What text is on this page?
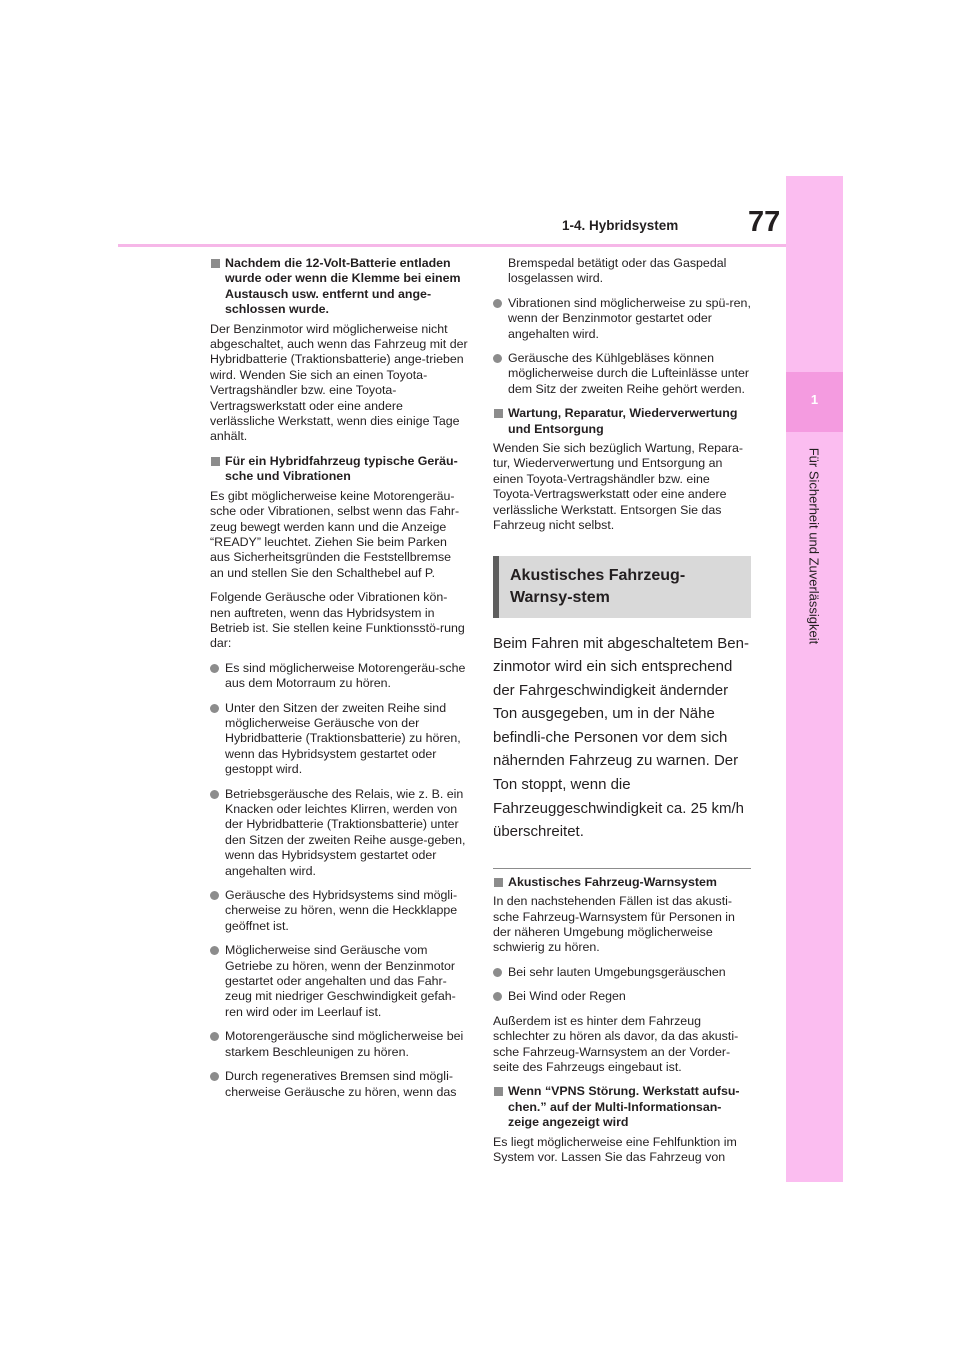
1-4. Hybridsystem 77
1
Für Sicherheit und Zuverlässigkeit
Nachdem die 12-Volt-Batterie entladen wurde oder wenn die Klemme bei einem Austausch usw. entfernt und ange-schlossen wurde.

Der Benzinmotor wird möglicherweise nicht abgeschaltet, auch wenn das Fahrzeug mit der Hybridbatterie (Traktionsbatterie) ange-trieben wird. Wenden Sie sich an einen Toyota-Vertragshändler bzw. eine Toyota-Vertragswerkstatt oder eine andere verlässliche Werkstatt, wenn dies einige Tage anhält.

Für ein Hybridfahrzeug typische Geräu-sche und Vibrationen

Es gibt möglicherweise keine Motorengeräu-sche oder Vibrationen, selbst wenn das Fahr-zeug bewegt werden kann und die Anzeige “READY” leuchtet. Ziehen Sie beim Parken aus Sicherheitsgründen die Feststellbremse an und stellen Sie den Schalthebel auf P.

Folgende Geräusche oder Vibrationen kön-nen auftreten, wenn das Hybridsystem in Betrieb ist. Sie stellen keine Funktionsstö-rung dar:

Es sind möglicherweise Motorengeräu-sche aus dem Motorraum zu hören.
Unter den Sitzen der zweiten Reihe sind möglicherweise Geräusche von der Hybridbatterie (Traktionsbatterie) zu hören, wenn das Hybridsystem gestartet oder gestoppt wird.
Betriebsgeräusche des Relais, wie z. B. ein Knacken oder leichtes Klirren, werden von der Hybridbatterie (Traktionsbatterie) unter den Sitzen der zweiten Reihe ausge-geben, wenn das Hybridsystem gestartet oder angehalten wird.
Geräusche des Hybridsystems sind mögli-cherweise zu hören, wenn die Heckklappe geöffnet ist.
Möglicherweise sind Geräusche vom Getriebe zu hören, wenn der Benzinmotor gestartet oder angehalten und das Fahr-zeug mit niedriger Geschwindigkeit gefah-ren wird oder im Leerlauf ist.
Motorengeräusche sind möglicherweise bei starkem Beschleunigen zu hören.
Durch regeneratives Bremsen sind mögli-cherweise Geräusche zu hören, wenn das

Bremspedal betätigt oder das Gaspedal losgelassen wird.

Vibrationen sind möglicherweise zu spü-ren, wenn der Benzinmotor gestartet oder angehalten wird.
Geräusche des Kühlgebläses können möglicherweise durch die Lufteinlässe unter dem Sitz der zweiten Reihe gehört werden.
Wartung, Reparatur, Wiederverwertung und Entsorgung

Wenden Sie sich bezüglich Wartung, Repara-tur, Wiederverwertung und Entsorgung an einen Toyota-Vertragshändler bzw. eine Toyota-Vertragswerkstatt oder eine andere verlässliche Werkstatt. Entsorgen Sie das Fahrzeug nicht selbst.

Akustisches Fahrzeug-Warnsy-stem

Beim Fahren mit abgeschaltetem Ben-zinmotor wird ein sich entsprechend der Fahrgeschwindigkeit ändernder Ton ausgegeben, um in der Nähe befindli-che Personen vor dem sich nähernden Fahrzeug zu warnen. Der Ton stoppt, wenn die Fahrzeuggeschwindigkeit ca. 25 km/h überschreitet.

Akustisches Fahrzeug-Warnsystem

In den nachstehenden Fällen ist das akusti-sche Fahrzeug-Warnsystem für Personen in der näheren Umgebung möglicherweise schwierig zu hören.

Bei sehr lauten Umgebungsgeräuschen
Bei Wind oder Regen

Außerdem ist es hinter dem Fahrzeug schlechter zu hören als davor, da das akusti-sche Fahrzeug-Warnsystem an der Vorder-seite des Fahrzeugs eingebaut ist.

Wenn “VPNS Störung. Werkstatt aufsu-chen.” auf der Multi-Informationsan-zeige angezeigt wird

Es liegt möglicherweise eine Fehlfunktion im System vor. Lassen Sie das Fahrzeug von
